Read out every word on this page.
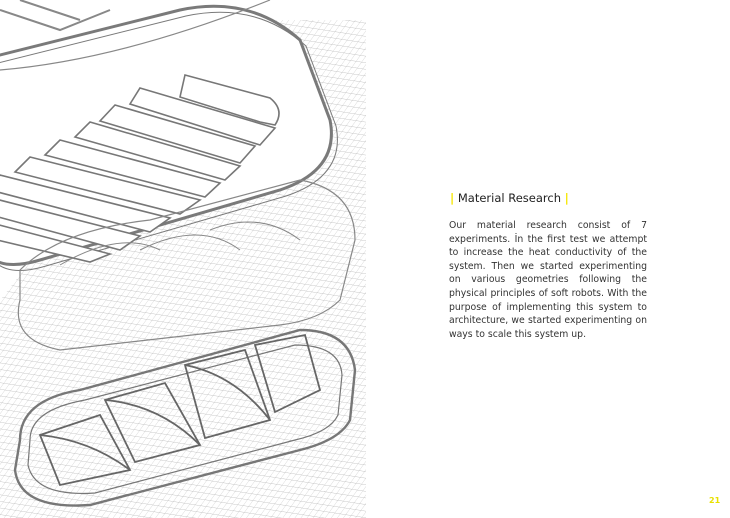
| Material Research |
Our material research consist of 7 experiments. İn the first test we attempt to increase the heat conductivity of the system. Then we started experimenting on various geometries following the physical principles of soft robots. With the purpose of implementing this system to architecture, we started experimenting on ways to scale this system up.
21
